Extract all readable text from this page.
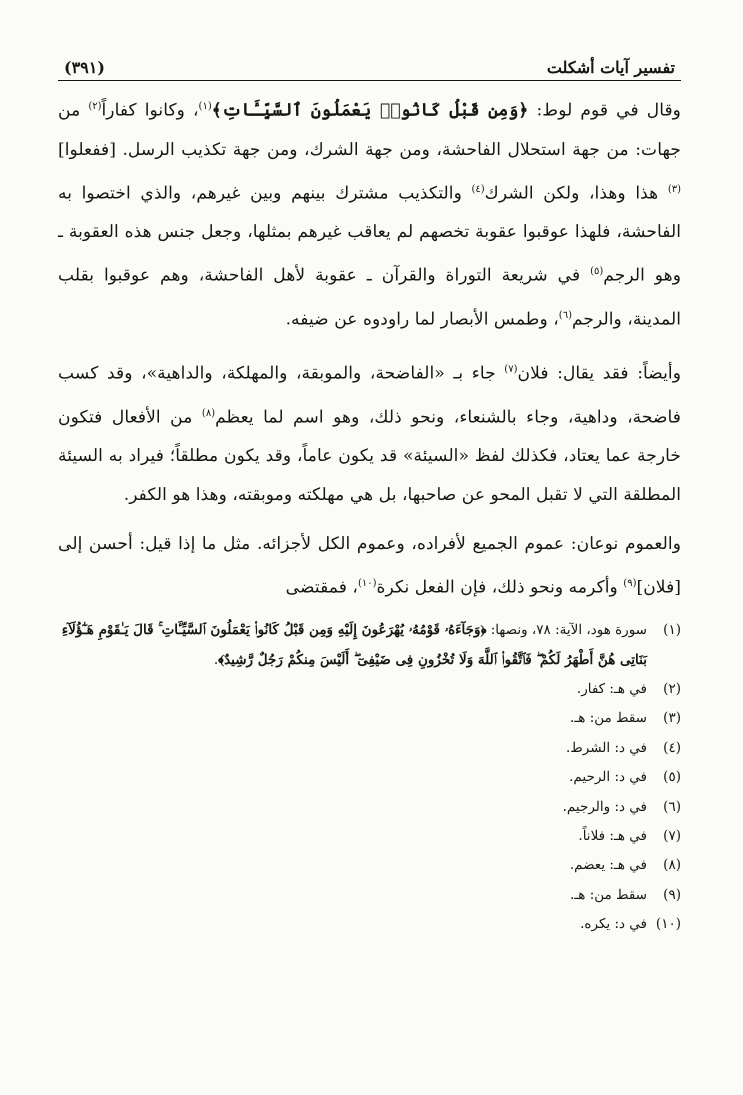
تفسير آيات أشكلت
(٣٩١)

وقال في قوم لوط: ﴿وَمِن قَبْلُ كَانُوا۟ يَعْمَلُونَ ٱلسَّيِّـَٔاتِ﴾$^{(١)}$، وكانوا كفاراً$^{(٢)}$ من جهات: من جهة استحلال الفاحشة، ومن جهة الشرك، ومن جهة تكذيب الرسل. [ففعلوا]$^{(٣)}$ هذا وهذا، ولكن الشرك$^{(٤)}$ والتكذيب مشترك بينهم وبين غيرهم، والذي اختصوا به الفاحشة، فلهذا عوقبوا عقوبة تخصهم لم يعاقب غيرهم بمثلها، وجعل جنس هذه العقوبة ـ وهو الرجم$^{(٥)}$ في شريعة التوراة والقرآن ـ عقوبة لأهل الفاحشة، وهم عوقبوا بقلب المدينة، والرجم$^{(٦)}$، وطمس الأبصار لما راودوه عن ضيفه.

وأيضاً: فقد يقال: فلان$^{(٧)}$ جاء بـ «الفاضحة، والموبقة، والمهلكة، والداهية»، وقد كسب فاضحة، وداهية، وجاء بالشنعاء، ونحو ذلك، وهو اسم لما يعظم$^{(٨)}$ من الأفعال فتكون خارجة عما يعتاد، فكذلك لفظ «السيئة» قد يكون عاماً، وقد يكون مطلقاً؛ فيراد به السيئة المطلقة التي لا تقبل المحو عن صاحبها، بل هي مهلكته وموبقته، وهذا هو الكفر.

والعموم نوعان: عموم الجميع لأفراده، وعموم الكل لأجزائه. مثل ما إذا قيل: أحسن إلى [فلان]$^{(٩)}$ وأكرمه ونحو ذلك، فإن الفعل نكرة$^{(١٠)}$، فمقتضى

(١)
سورة هود، الآية: ٧٨، ونصها: ﴿وَجَآءَهُۥ قَوْمُهُۥ يُهْرَعُونَ إِلَيْهِ وَمِن قَبْلُ كَانُوا۟ يَعْمَلُونَ ٱلسَّيِّـَٔاتِ ۚ قَالَ يَـٰقَوْمِ هَـٰٓؤُلَآءِ بَنَاتِى هُنَّ أَطْهَرُ لَكُمْ ۖ فَٱتَّقُوا۟ ٱللَّهَ وَلَا تُخْزُونِ فِى ضَيْفِىٓ ۖ أَلَيْسَ مِنكُمْ رَجُلٌ رَّشِيدٌ﴾.
(٢)
في هـ: كفار.
(٣)
سقط من: هـ.
(٤)
في د: الشرط.
(٥)
في د: الرحيم.
(٦)
في د: والرجيم.
(٧)
في هـ: فلاناً.
(٨)
في هـ: يعضم.
(٩)
سقط من: هـ.
(١٠)
في د: يكره.
